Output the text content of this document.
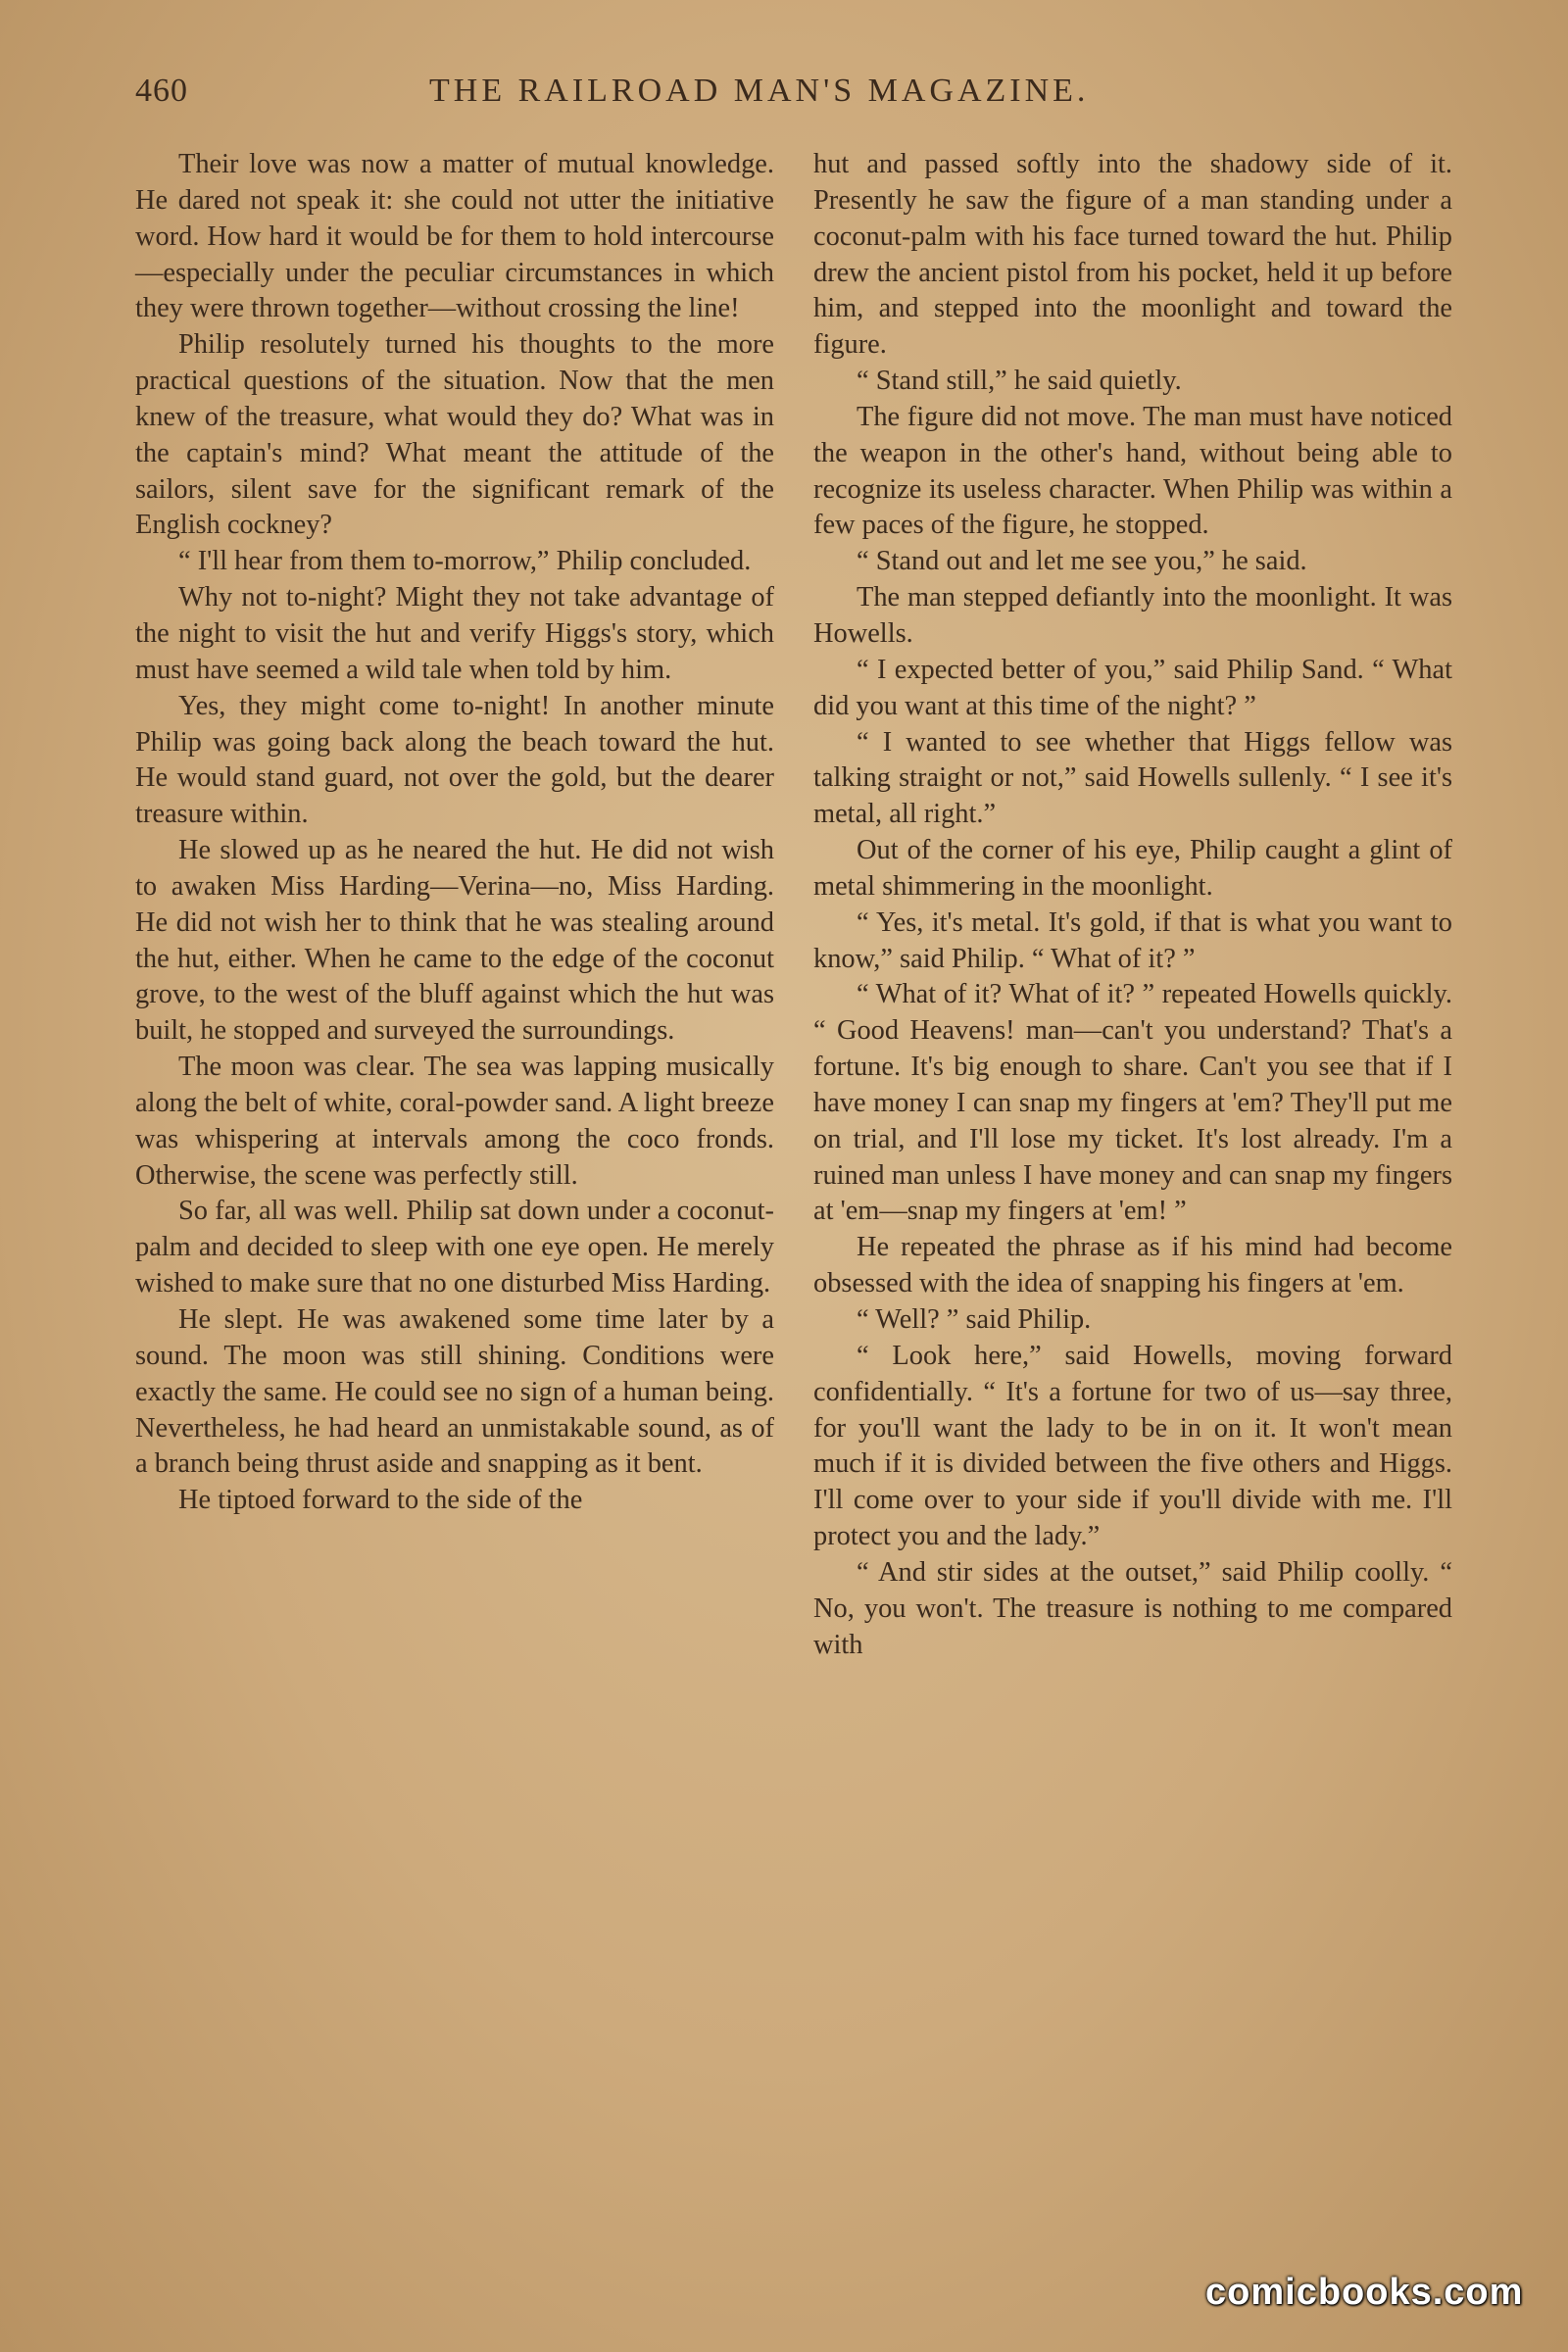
460	THE RAILROAD MAN'S MAGAZINE.

Their love was now a matter of mutual knowledge. He dared not speak it: she could not utter the initiative word. How hard it would be for them to hold intercourse—especially under the peculiar circumstances in which they were thrown together—without crossing the line!

Philip resolutely turned his thoughts to the more practical questions of the situation. Now that the men knew of the treasure, what would they do? What was in the captain's mind? What meant the attitude of the sailors, silent save for the significant remark of the English cockney?

“ I'll hear from them to-morrow,” Philip concluded.

Why not to-night? Might they not take advantage of the night to visit the hut and verify Higgs's story, which must have seemed a wild tale when told by him.

Yes, they might come to-night! In another minute Philip was going back along the beach toward the hut. He would stand guard, not over the gold, but the dearer treasure within.

He slowed up as he neared the hut. He did not wish to awaken Miss Harding—Verina—no, Miss Harding. He did not wish her to think that he was stealing around the hut, either. When he came to the edge of the coconut grove, to the west of the bluff against which the hut was built, he stopped and surveyed the surroundings.

The moon was clear. The sea was lapping musically along the belt of white, coral-powder sand. A light breeze was whispering at intervals among the coco fronds. Otherwise, the scene was perfectly still.

So far, all was well. Philip sat down under a coconut-palm and decided to sleep with one eye open. He merely wished to make sure that no one disturbed Miss Harding.

He slept. He was awakened some time later by a sound. The moon was still shining. Conditions were exactly the same. He could see no sign of a human being. Nevertheless, he had heard an unmistakable sound, as of a branch being thrust aside and snapping as it bent.

He tiptoed forward to the side of the

hut and passed softly into the shadowy side of it. Presently he saw the figure of a man standing under a coconut-palm with his face turned toward the hut. Philip drew the ancient pistol from his pocket, held it up before him, and stepped into the moonlight and toward the figure.

“ Stand still,” he said quietly.

The figure did not move. The man must have noticed the weapon in the other's hand, without being able to recognize its useless character. When Philip was within a few paces of the figure, he stopped.

“ Stand out and let me see you,” he said.

The man stepped defiantly into the moonlight. It was Howells.

“ I expected better of you,” said Philip Sand. “ What did you want at this time of the night? ”

“ I wanted to see whether that Higgs fellow was talking straight or not,” said Howells sullenly. “ I see it's metal, all right.”

Out of the corner of his eye, Philip caught a glint of metal shimmering in the moonlight.

“ Yes, it's metal. It's gold, if that is what you want to know,” said Philip. “ What of it? ”

“ What of it? What of it? ” repeated Howells quickly. “ Good Heavens! man—can't you understand? That's a fortune. It's big enough to share. Can't you see that if I have money I can snap my fingers at 'em? They'll put me on trial, and I'll lose my ticket. It's lost already. I'm a ruined man unless I have money and can snap my fingers at 'em—snap my fingers at 'em! ”

He repeated the phrase as if his mind had become obsessed with the idea of snapping his fingers at 'em.

“ Well? ” said Philip.

“ Look here,” said Howells, moving forward confidentially. “ It's a fortune for two of us—say three, for you'll want the lady to be in on it. It won't mean much if it is divided between the five others and Higgs. I'll come over to your side if you'll divide with me. I'll protect you and the lady.”

“ And stir sides at the outset,” said Philip coolly. “ No, you won't. The treasure is nothing to me compared with

comicbooks.com
